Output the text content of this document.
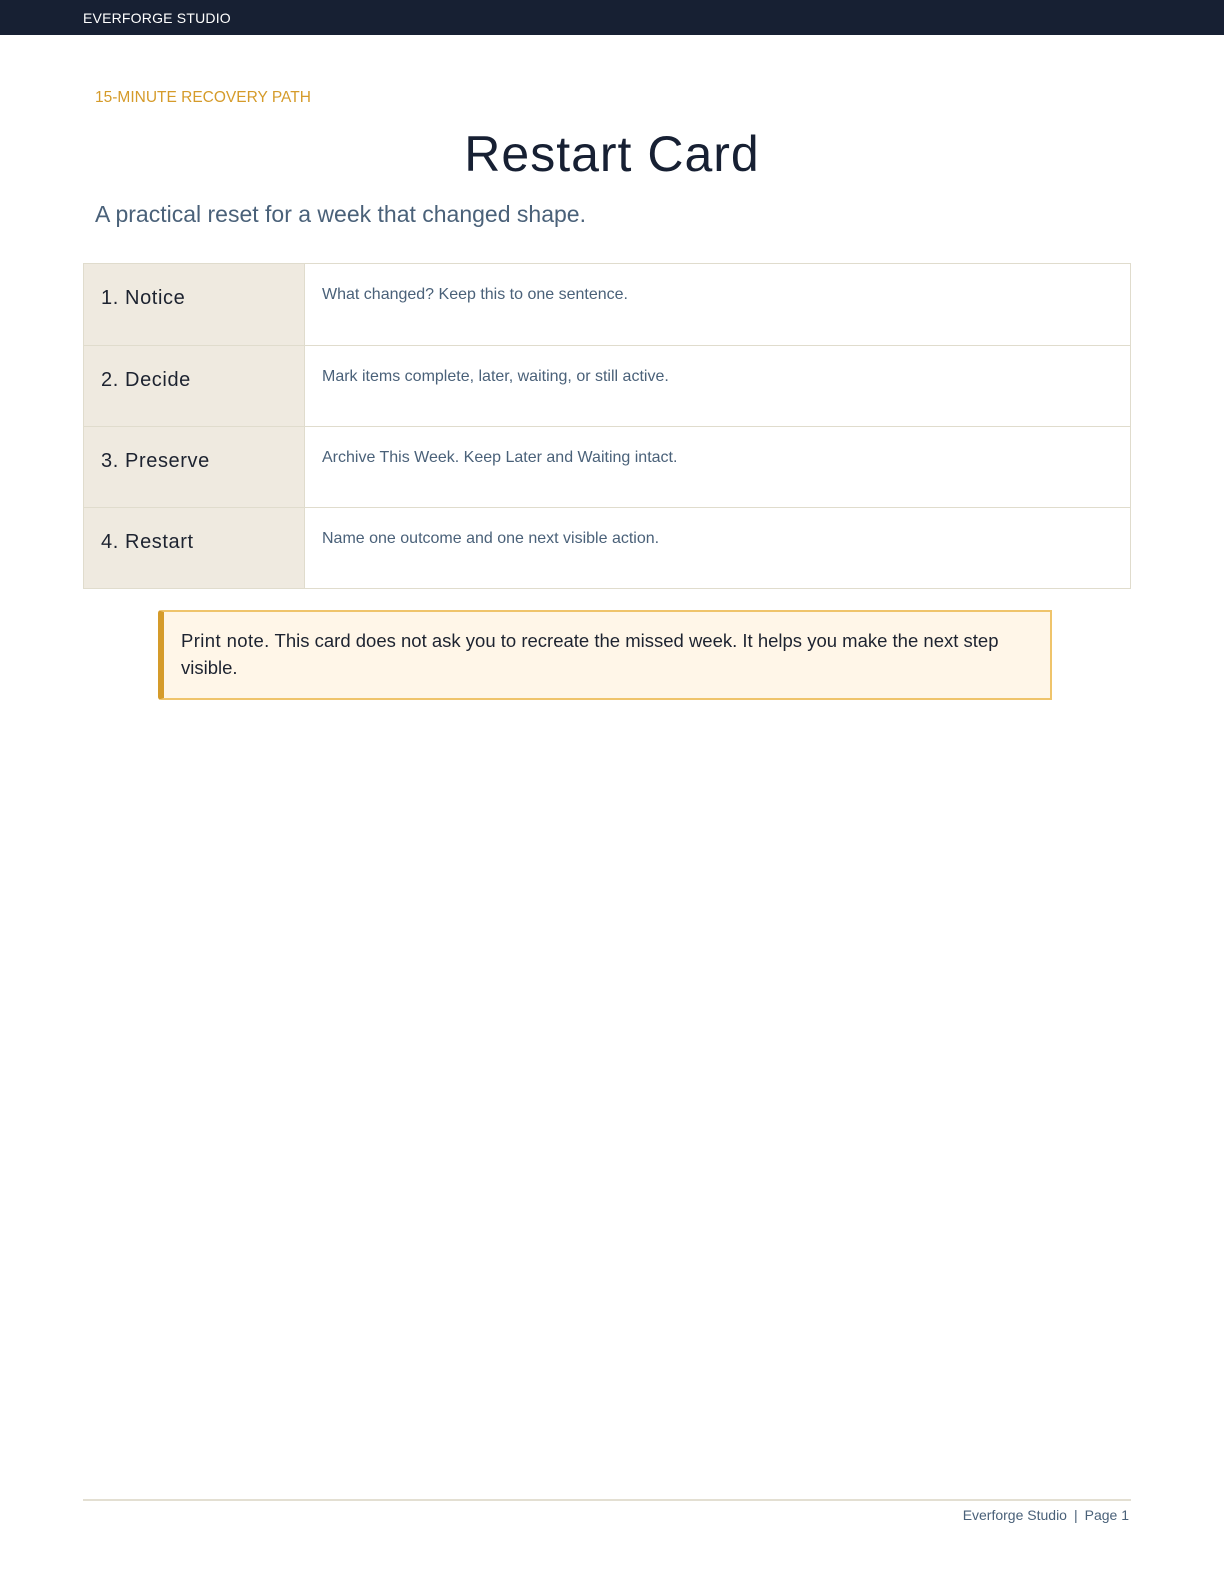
EVERFORGE STUDIO
15-MINUTE RECOVERY PATH
Restart Card
A practical reset for a week that changed shape.
1. Notice	What changed? Keep this to one sentence.
2. Decide	Mark items complete, later, waiting, or still active.
3. Preserve	Archive This Week. Keep Later and Waiting intact.
4. Restart	Name one outcome and one next visible action.
Print note. This card does not ask you to recreate the missed week. It helps you make the next step visible.
Everforge Studio | Page 1
